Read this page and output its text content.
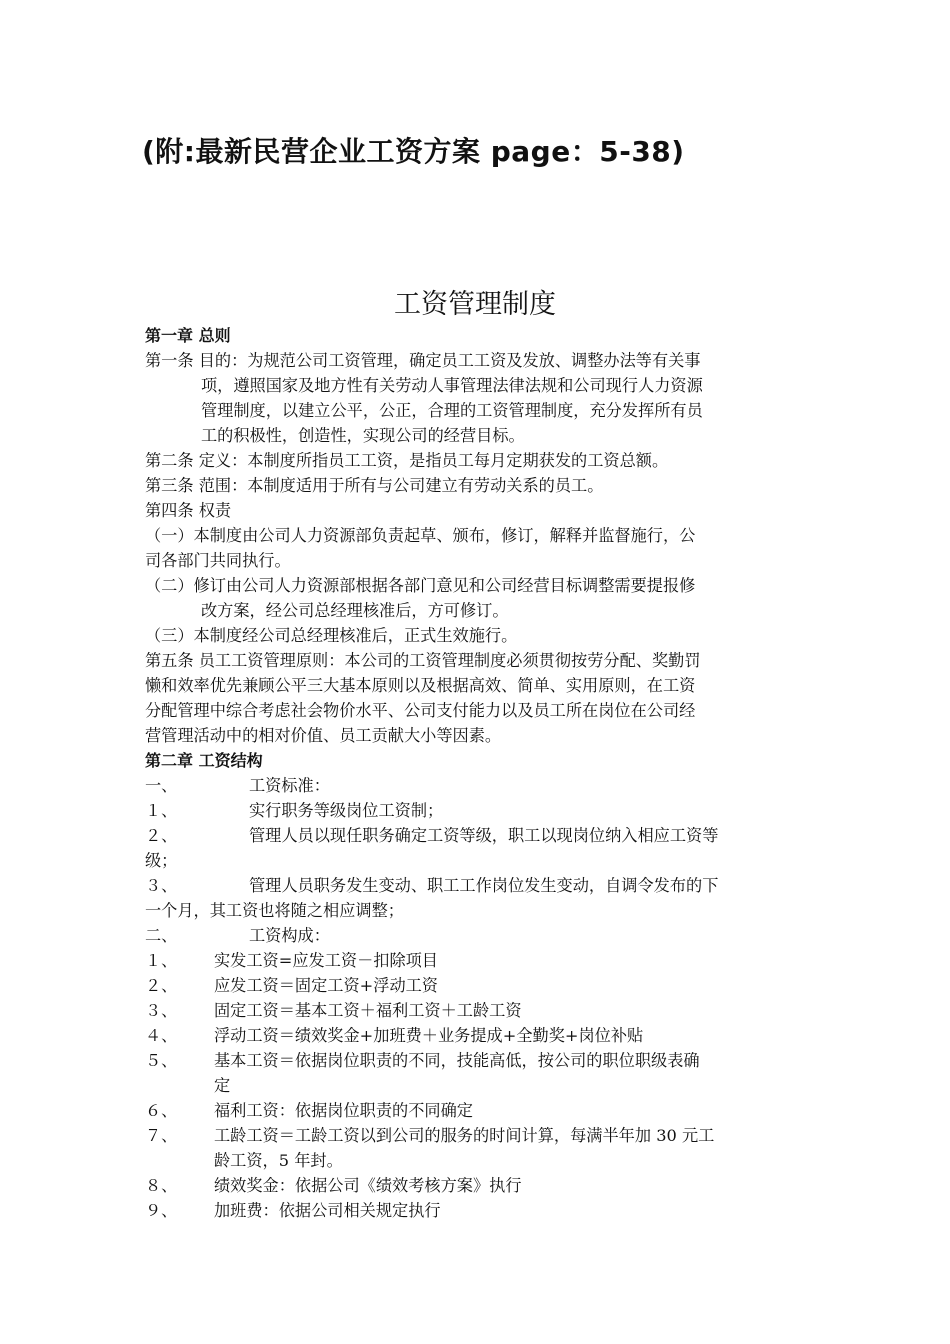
(附:最新民营企业工资方案 page：5-38)
工资管理制度

第一章 总则

第一条 目的：为规范公司工资管理，确定员工工资及发放、调整办法等有关事

项，遵照国家及地方性有关劳动人事管理法律法规和公司现行人力资源

管理制度，以建立公平，公正，合理的工资管理制度，充分发挥所有员

工的积极性，创造性，实现公司的经营目标。

第二条 定义：本制度所指员工工资，是指员工每月定期获发的工资总额。

第三条 范围：本制度适用于所有与公司建立有劳动关系的员工。

第四条 权责

（一）本制度由公司人力资源部负责起草、颁布，修订，解释并监督施行，公

司各部门共同执行。

（二）修订由公司人力资源部根据各部门意见和公司经营目标调整需要提报修

改方案，经公司总经理核准后，方可修订。

（三）本制度经公司总经理核准后，正式生效施行。

第五条 员工工资管理原则：本公司的工资管理制度必须贯彻按劳分配、奖勤罚

懒和效率优先兼顾公平三大基本原则以及根据高效、简单、实用原则，在工资

分配管理中综合考虑社会物价水平、公司支付能力以及员工所在岗位在公司经

营管理活动中的相对价值、员工贡献大小等因素。

第二章 工资结构

一、	工资标准：

１、	实行职务等级岗位工资制；

２、	管理人员以现任职务确定工资等级，职工以现岗位纳入相应工资等

级；

３、	管理人员职务发生变动、职工工作岗位发生变动，自调令发布的下

一个月，其工资也将随之相应调整；

二、	工资构成：

１、 实发工资=应发工资－扣除项目

２、 应发工资＝固定工资+浮动工资

３、 固定工资＝基本工资＋福利工资＋工龄工资

４、 浮动工资＝绩效奖金+加班费＋业务提成+全勤奖+岗位补贴

５、 基本工资＝依据岗位职责的不同，技能高低，按公司的职位职级表确

定

６、 福利工资：依据岗位职责的不同确定

７、 工龄工资＝工龄工资以到公司的服务的时间计算，每满半年加 30 元工

龄工资，5 年封。

８、 绩效奖金：依据公司《绩效考核方案》执行

９、 加班费：依据公司相关规定执行
